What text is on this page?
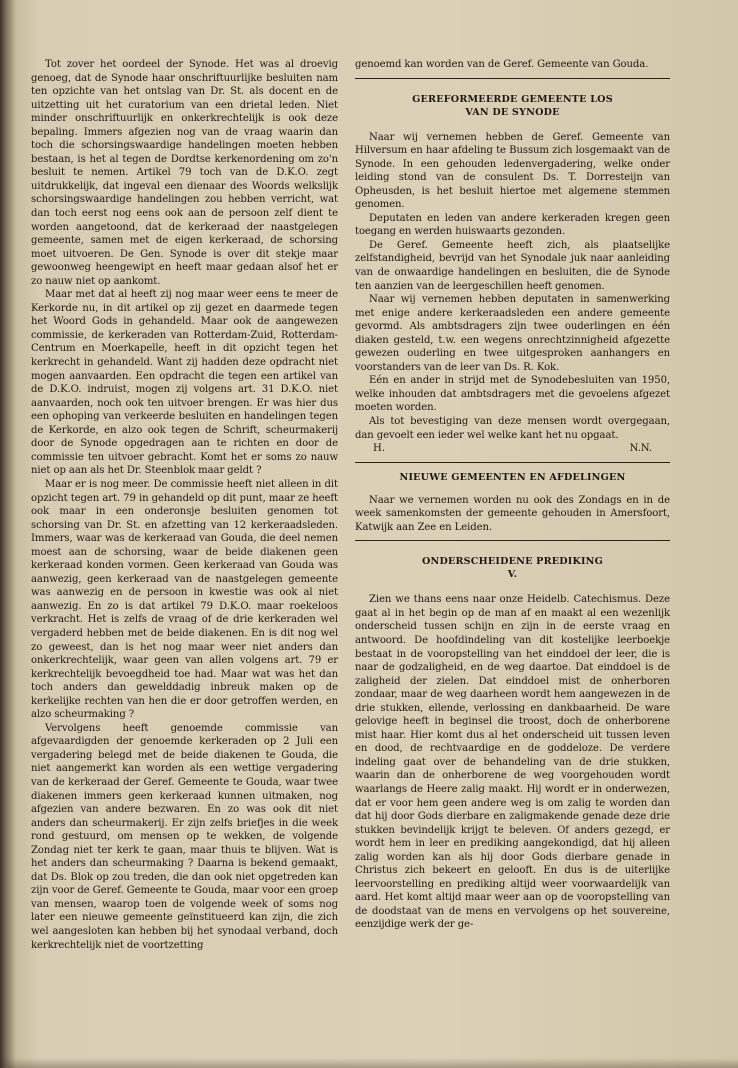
Tot zover het oordeel der Synode. Het was al droevig genoeg, dat de Synode haar onschriftuurlijke besluiten nam ten opzichte van het ontslag van Dr. St. als docent en de uitzetting uit het curatorium van een drietal leden. Niet minder onschriftuurlijk en onkerkrechtelijk is ook deze bepaling. Immers afgezien nog van de vraag waarin dan toch die schorsingswaardige handelingen moeten hebben bestaan, is het al tegen de Dordtse kerkenordening om zo'n besluit te nemen. Artikel 79 toch van de D.K.O. zegt uitdrukkelijk, dat ingeval een dienaar des Woords welkslijk schorsingswaardige handelingen zou hebben verricht, wat dan toch eerst nog eens ook aan de persoon zelf dient te worden aangetoond, dat de kerkeraad der naastgelegen gemeente, samen met de eigen kerkeraad, de schorsing moet uitvoeren. De Gen. Synode is over dit stekje maar gewoonweg heengewipt en heeft maar gedaan alsof het er zo nauw niet op aankomt.

Maar met dat al heeft zij nog maar weer eens te meer de Kerkorde nu, in dit artikel op zij gezet en daarmede tegen het Woord Gods in gehandeld. Maar ook de aangewezen commissie, de kerkeraden van Rotterdam-Zuid, Rotterdam-Centrum en Moerkapelle, heeft in dit opzicht tegen het kerkrecht in gehandeld. Want zij hadden deze opdracht niet mogen aanvaarden. Een opdracht die tegen een artikel van de D.K.O. indruist, mogen zij volgens art. 31 D.K.O. niet aanvaarden, noch ook ten uitvoer brengen. Er was hier dus een ophoping van verkeerde besluiten en handelingen tegen de Kerkorde, en alzo ook tegen de Schrift, scheurmakerij door de Synode opgedragen aan te richten en door de commissie ten uitvoer gebracht. Komt het er soms zo nauw niet op aan als het Dr. Steenblok maar geldt ?

Maar er is nog meer. De commissie heeft niet alleen in dit opzicht tegen art. 79 in gehandeld op dit punt, maar ze heeft ook maar in een onderonsje besluiten genomen tot schorsing van Dr. St. en afzetting van 12 kerkeraadsleden. Immers, waar was de kerkeraad van Gouda, die deel nemen moest aan de schorsing, waar de beide diakenen geen kerkeraad konden vormen. Geen kerkeraad van Gouda was aanwezig, geen kerkeraad van de naastgelegen gemeente was aanwezig en de persoon in kwestie was ook al niet aanwezig. En zo is dat artikel 79 D.K.O. maar roekeloos verkracht. Het is zelfs de vraag of de drie kerkeraden wel vergaderd hebben met de beide diakenen. En is dit nog wel zo geweest, dan is het nog maar weer niet anders dan onkerkrechtelijk, waar geen van allen volgens art. 79 er kerkrechtelijk bevoegdheid toe had. Maar wat was het dan toch anders dan gewelddadig inbreuk maken op de kerkelijke rechten van hen die er door getroffen werden, en alzo scheurmaking ?

Vervolgens heeft genoemde commissie van afgevaardigden der genoemde kerkeraden op 2 Juli een vergadering belegd met de beide diakenen te Gouda, die niet aangemerkt kan worden als een wettige vergadering van de kerkeraad der Geref. Gemeente te Gouda, waar twee diakenen immers geen kerkeraad kunnen uitmaken, nog afgezien van andere bezwaren. En zo was ook dit niet anders dan scheurmakerij. Er zijn zelfs briefjes in die week rond gestuurd, om mensen op te wekken, de volgende Zondag niet ter kerk te gaan, maar thuis te blijven. Wat is het anders dan scheurmaking ? Daarna is bekend gemaakt, dat Ds. Blok op zou treden, die dan ook niet opgetreden kan zijn voor de Geref. Gemeente te Gouda, maar voor een groep van mensen, waarop toen de volgende week of soms nog later een nieuwe gemeente geïnstitueerd kan zijn, die zich wel aangesloten kan hebben bij het synodaal verband, doch kerkrechtelijk niet de voortzetting

genoemd kan worden van de Geref. Gemeente van Gouda.

GEREFORMEERDE GEMEENTE LOS
VAN DE SYNODE

Naar wij vernemen hebben de Geref. Gemeente van Hilversum en haar afdeling te Bussum zich losgemaakt van de Synode. In een gehouden ledenvergadering, welke onder leiding stond van de consulent Ds. T. Dorresteijn van Opheusden, is het besluit hiertoe met algemene stemmen genomen.

Deputaten en leden van andere kerkeraden kregen geen toegang en werden huiswaarts gezonden.

De Geref. Gemeente heeft zich, als plaatselijke zelfstandigheid, bevrijd van het Synodale juk naar aanleiding van de onwaardige handelingen en besluiten, die de Synode ten aanzien van de leergeschillen heeft genomen.

Naar wij vernemen hebben deputaten in samenwerking met enige andere kerkeraadsleden een andere gemeente gevormd. Als ambtsdragers zijn twee ouderlingen en één diaken gesteld, t.w. een wegens onrechtzinnigheid afgezette gewezen ouderling en twee uitgesproken aanhangers en voorstanders van de leer van Ds. R. Kok.

Eén en ander in strijd met de Synodebesluiten van 1950, welke inhouden dat ambtsdragers met die gevoelens afgezet moeten worden.

Als tot bevestiging van deze mensen wordt overgegaan, dan gevoelt een ieder wel welke kant het nu opgaat.

H.	N.N.
NIEUWE GEMEENTEN EN AFDELINGEN

Naar we vernemen worden nu ook des Zondags en in de week samenkomsten der gemeente gehouden in Amersfoort, Katwijk aan Zee en Leiden.

ONDERSCHEIDENE PREDIKING
V.

Zien we thans eens naar onze Heidelb. Catechismus. Deze gaat al in het begin op de man af en maakt al een wezenlijk onderscheid tussen schijn en zijn in de eerste vraag en antwoord. De hoofdindeling van dit kostelijke leerboekje bestaat in de vooropstelling van het einddoel der leer, die is naar de godzaligheid, en de weg daartoe. Dat einddoel is de zaligheid der zielen. Dat einddoel mist de onherboren zondaar, maar de weg daarheen wordt hem aangewezen in de drie stukken, ellende, verlossing en dankbaarheid. De ware gelovige heeft in beginsel die troost, doch de onherborene mist haar. Hier komt dus al het onderscheid uit tussen leven en dood, de rechtvaardige en de goddeloze. De verdere indeling gaat over de behandeling van de drie stukken, waarin dan de onherborene de weg voorgehouden wordt waarlangs de Heere zalig maakt. Hij wordt er in onderwezen, dat er voor hem geen andere weg is om zalig te worden dan dat hij door Gods dierbare en zaligmakende genade deze drie stukken bevindelijk krijgt te beleven. Of anders gezegd, er wordt hem in leer en prediking aangekondigd, dat hij alleen zalig worden kan als hij door Gods dierbare genade in Christus zich bekeert en gelooft. En dus is de uiterlijke leervoorstelling en prediking altijd weer voorwaardelijk van aard. Het komt altijd maar weer aan op de vooropstelling van de doodstaat van de mens en vervolgens op het souvereine, eenzijdige werk der ge-
